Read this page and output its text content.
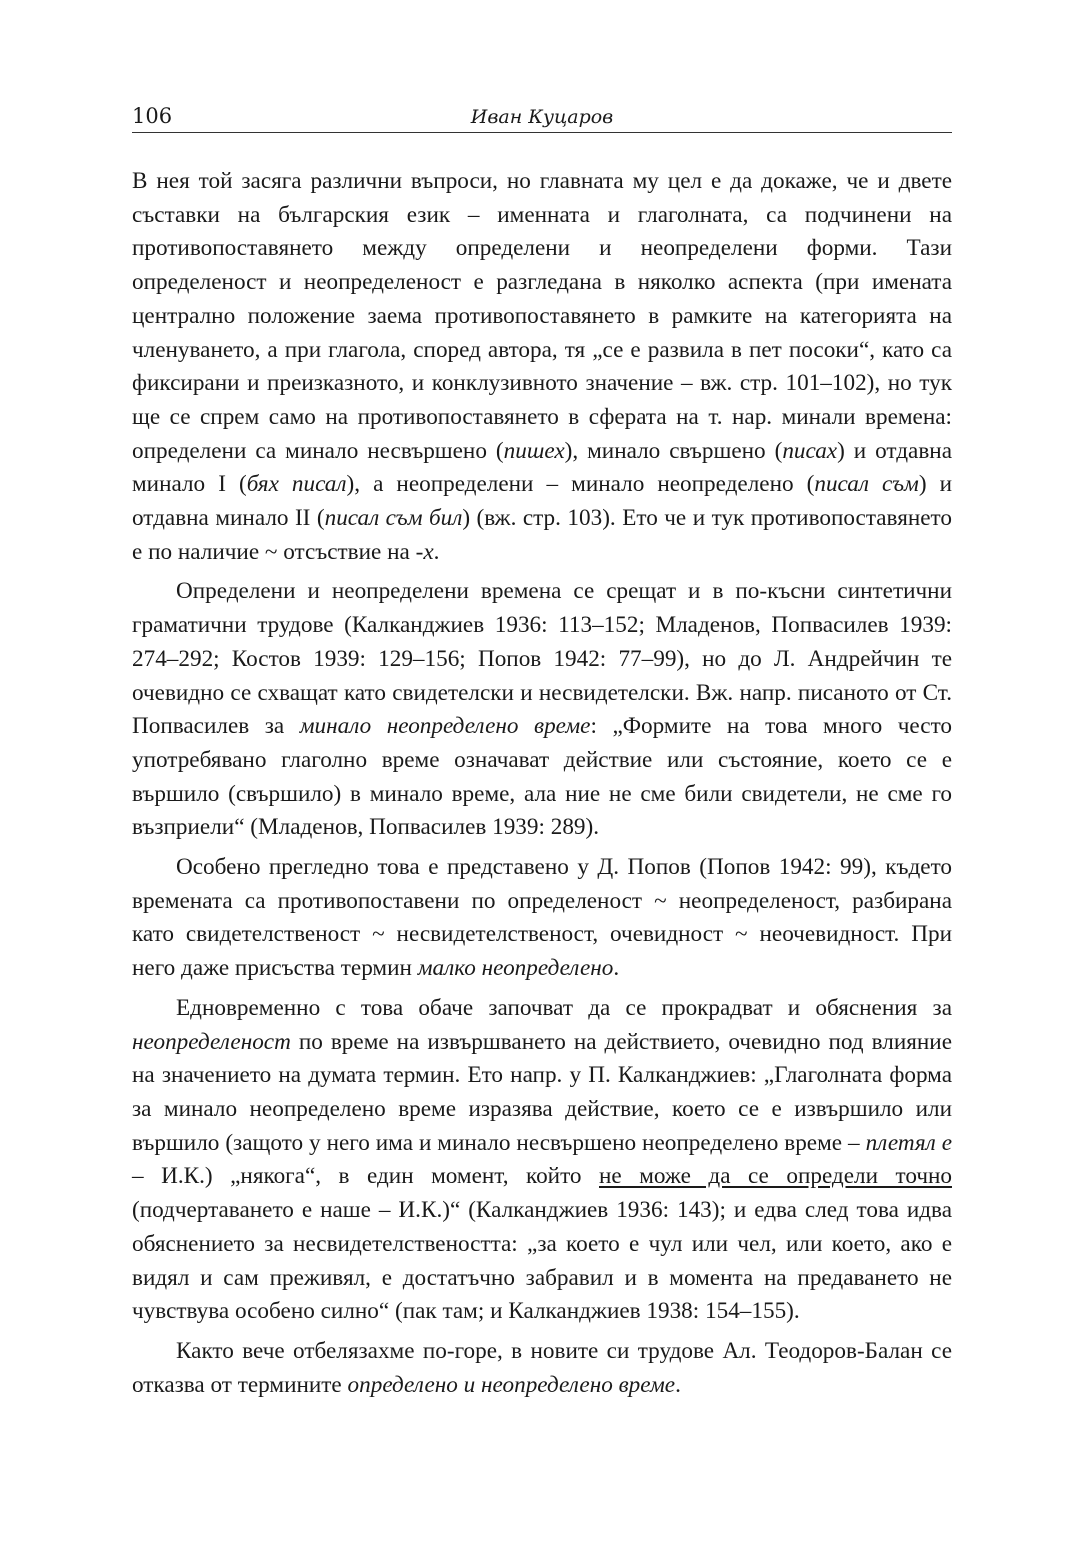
106	Иван Куцаров

В нея той засяга различни въпроси, но главната му цел е да докаже, че и двете съставки на българския език – именната и глаголната, са подчинени на противопоставянето между определени и неопределени форми. Тази определеност и неопределеност е разгледана в няколко аспекта (при имената централно положение заема противопоставянето в рамките на категорията на членуването, а при глагола, според автора, тя „се е развила в пет посоки“, като са фиксирани и преизказното, и конклузивното значение – вж. стр. 101–102), но тук ще се спрем само на противопоставянето в сферата на т. нар. минали времена: определени са минало несвършено (пишех), минало свършено (писах) и отдавна минало I (бях писал), а неопределени – минало неопределено (писал съм) и отдавна минало II (писал съм бил) (вж. стр. 103). Ето че и тук противопоставянето е по наличие ~ отсъствие на -х.

Определени и неопределени времена се срещат и в по-късни синтетични граматични трудове (Калканджиев 1936: 113–152; Младенов, Попвасилев 1939: 274–292; Костов 1939: 129–156; Попов 1942: 77–99), но до Л. Андрейчин те очевидно се схващат като свидетелски и несвидетелски. Вж. напр. писаното от Ст. Попвасилев за минало неопределено време: „Формите на това много често употребявано глаголно време означават действие или състояние, което се е вършило (свършило) в минало време, ала ние не сме били свидетели, не сме го възприели“ (Младенов, Попвасилев 1939: 289).

Особено прегледно това е представено у Д. Попов (Попов 1942: 99), където времената са противопоставени по определеност ~ неопределеност, разбирана като свидетелственост ~ несвидетелственост, очевидност ~ неочевидност. При него даже присъства термин малко неопределено.

Едновременно с това обаче започват да се прокрадват и обяснения за неопределеност по време на извършването на действието, очевидно под влияние на значението на думата термин. Ето напр. у П. Калканджиев: „Глаголната форма за минало неопределено време изразява действие, което се е извършило или вършило (защото у него има и минало несвършено неопределено време – плетял е – И.К.) „някога“, в един момент, който не може да се определи точно (подчертаването е наше – И.К.)“ (Калканджиев 1936: 143); и едва след това идва обяснението за несвидетелствеността: „за което е чул или чел, или което, ако е видял и сам преживял, е достатъчно забравил и в момента на предаването не чувствува особено силно“ (пак там; и Калканджиев 1938: 154–155).

Както вече отбелязахме по-горе, в новите си трудове Ал. Теодоров-Балан се отказва от термините определено и неопределено време.
